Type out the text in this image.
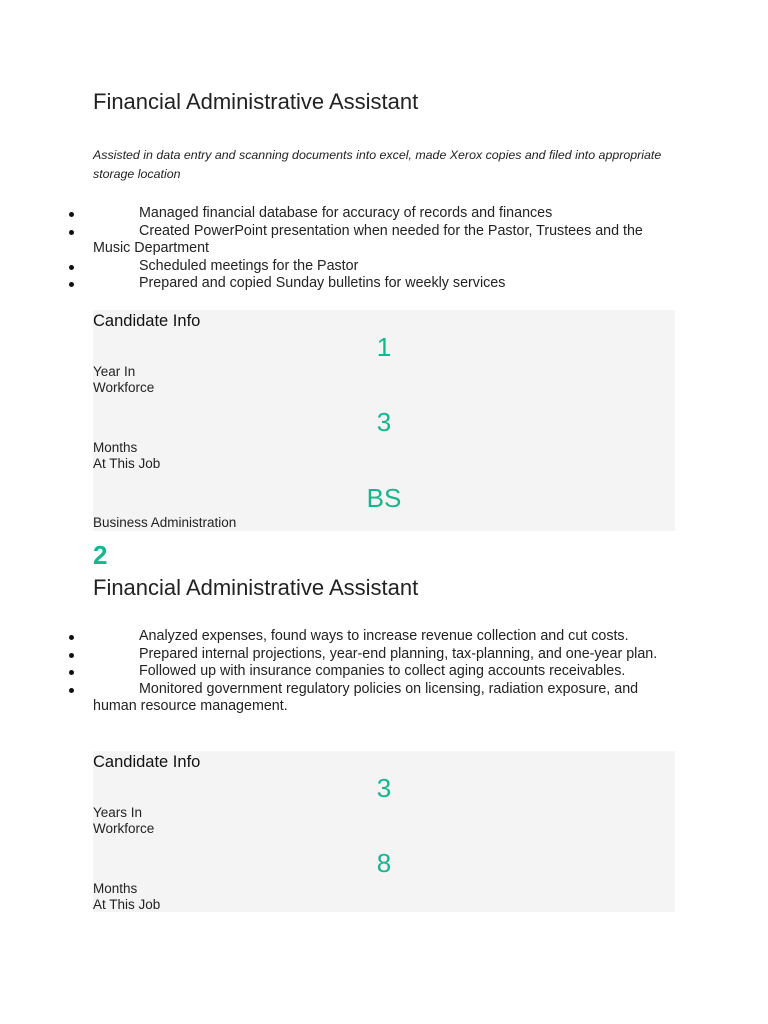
Financial Administrative Assistant
Assisted in data entry and scanning documents into excel, made Xerox copies and filed into appropriate storage location
Managed financial database for accuracy of records and finances
Created PowerPoint presentation when needed for the Pastor, Trustees and the Music Department
Scheduled meetings for the Pastor
Prepared and copied Sunday bulletins for weekly services
Candidate Info
1
Year In
Workforce
3
Months
At This Job
BS
Business Administration
2
Financial Administrative Assistant
Analyzed expenses, found ways to increase revenue collection and cut costs.
Prepared internal projections, year-end planning, tax-planning, and one-year plan.
Followed up with insurance companies to collect aging accounts receivables.
Monitored government regulatory policies on licensing, radiation exposure, and human resource management.
Candidate Info
3
Years In
Workforce
8
Months
At This Job
